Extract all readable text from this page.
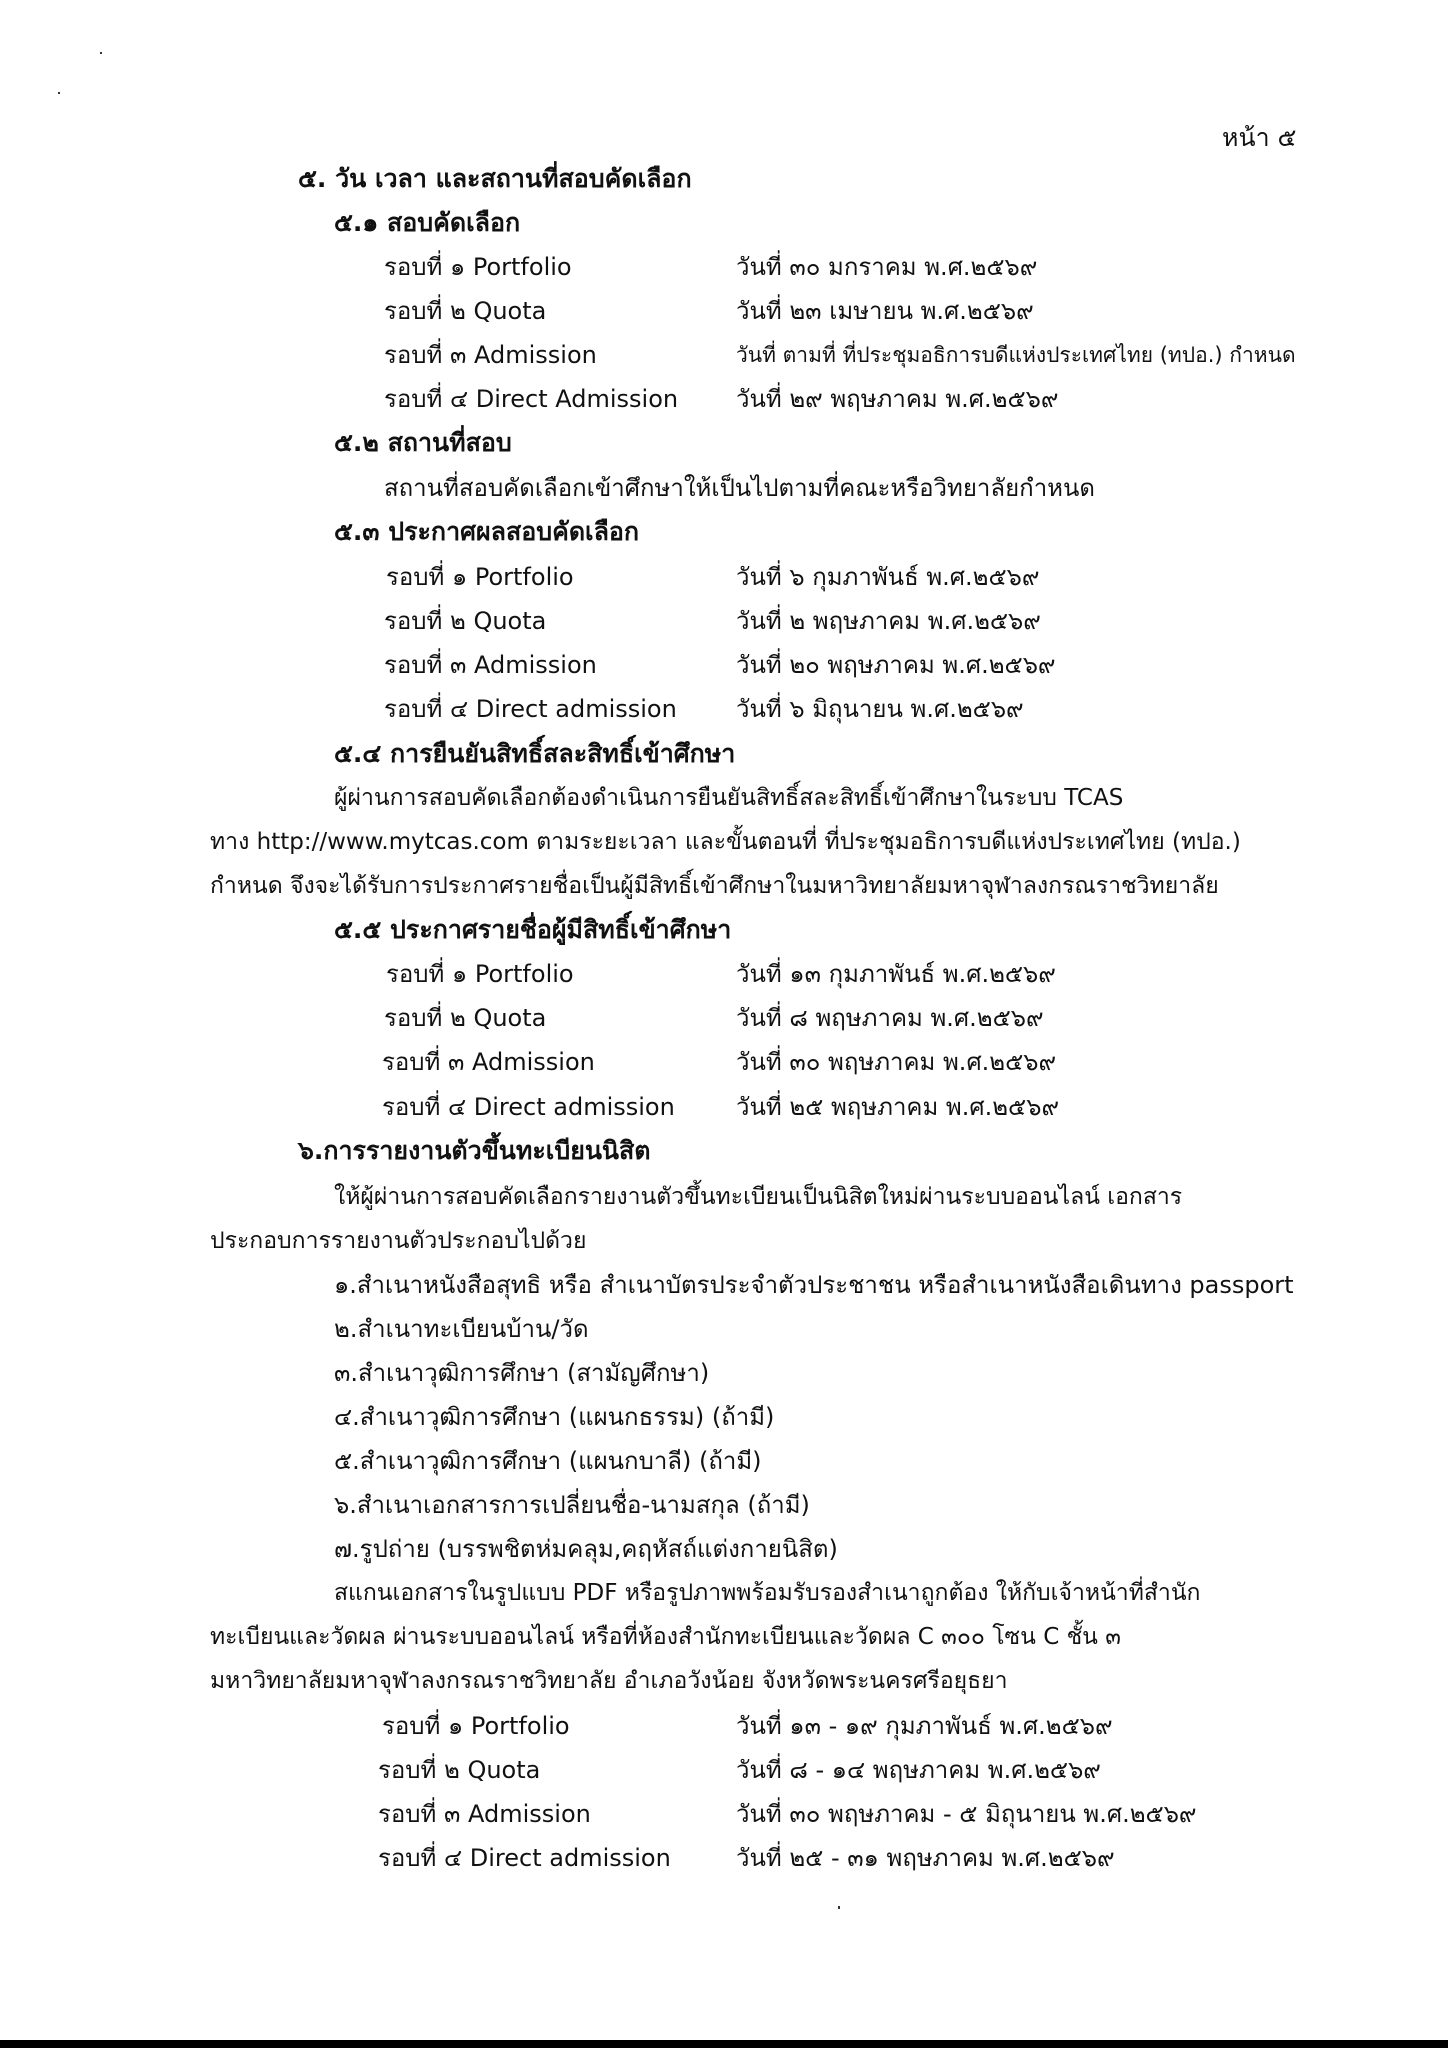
หน้า ๕
๕. วัน เวลา และสถานที่สอบคัดเลือก
๕.๑ สอบคัดเลือก
รอบที่ ๑ Portfolio	วันที่ ๓๐ มกราคม พ.ศ.๒๕๖๙
รอบที่ ๒ Quota	วันที่ ๒๓ เมษายน พ.ศ.๒๕๖๙
รอบที่ ๓ Admission	วันที่ ตามที่ ที่ประชุมอธิการบดีแห่งประเทศไทย (ทปอ.) กำหนด
รอบที่ ๔ Direct Admission วันที่ ๒๙ พฤษภาคม พ.ศ.๒๕๖๙
๕.๒ สถานที่สอบ
สถานที่สอบคัดเลือกเข้าศึกษาให้เป็นไปตามที่คณะหรือวิทยาลัยกำหนด
๕.๓ ประกาศผลสอบคัดเลือก
รอบที่ ๑ Portfolio	วันที่ ๖ กุมภาพันธ์ พ.ศ.๒๕๖๙
รอบที่ ๒ Quota	วันที่ ๒ พฤษภาคม พ.ศ.๒๕๖๙
รอบที่ ๓ Admission	วันที่ ๒๐ พฤษภาคม พ.ศ.๒๕๖๙
รอบที่ ๔ Direct admission วันที่ ๖ มิถุนายน พ.ศ.๒๕๖๙
๕.๔ การยืนยันสิทธิ์สละสิทธิ์เข้าศึกษา
ผู้ผ่านการสอบคัดเลือกต้องดำเนินการยืนยันสิทธิ์สละสิทธิ์เข้าศึกษาในระบบ TCAS
ทาง http://www.mytcas.com ตามระยะเวลา และขั้นตอนที่ ที่ประชุมอธิการบดีแห่งประเทศไทย (ทปอ.)
กำหนด จึงจะได้รับการประกาศรายชื่อเป็นผู้มีสิทธิ์เข้าศึกษาในมหาวิทยาลัยมหาจุฬาลงกรณราชวิทยาลัย
๕.๕ ประกาศรายชื่อผู้มีสิทธิ์เข้าศึกษา
รอบที่ ๑ Portfolio	วันที่ ๑๓ กุมภาพันธ์ พ.ศ.๒๕๖๙
รอบที่ ๒ Quota	วันที่ ๘ พฤษภาคม พ.ศ.๒๕๖๙
รอบที่ ๓ Admission	วันที่ ๓๐ พฤษภาคม พ.ศ.๒๕๖๙
รอบที่ ๔ Direct admission	วันที่ ๒๕ พฤษภาคม พ.ศ.๒๕๖๙
๖.การรายงานตัวขึ้นทะเบียนนิสิต
ให้ผู้ผ่านการสอบคัดเลือกรายงานตัวขึ้นทะเบียนเป็นนิสิตใหม่ผ่านระบบออนไลน์ เอกสาร
ประกอบการรายงานตัวประกอบไปด้วย
๑.สำเนาหนังสือสุทธิ หรือ สำเนาบัตรประจำตัวประชาชน หรือสำเนาหนังสือเดินทาง passport
๒.สำเนาทะเบียนบ้าน/วัด
๓.สำเนาวุฒิการศึกษา (สามัญศึกษา)
๔.สำเนาวุฒิการศึกษา (แผนกธรรม) (ถ้ามี)
๕.สำเนาวุฒิการศึกษา (แผนกบาลี) (ถ้ามี)
๖.สำเนาเอกสารการเปลี่ยนชื่อ-นามสกุล (ถ้ามี)
๗.รูปถ่าย (บรรพชิตห่มคลุม,คฤหัสถ์แต่งกายนิสิต)
สแกนเอกสารในรูปแบบ PDF หรือรูปภาพพร้อมรับรองสำเนาถูกต้อง ให้กับเจ้าหน้าที่สำนัก
ทะเบียนและวัดผล ผ่านระบบออนไลน์ หรือที่ห้องสำนักทะเบียนและวัดผล C ๓๐๐ โซน C ชั้น ๓
มหาวิทยาลัยมหาจุฬาลงกรณราชวิทยาลัย อำเภอวังน้อย จังหวัดพระนครศรีอยุธยา
รอบที่ ๑ Portfolio	วันที่ ๑๓ - ๑๙ กุมภาพันธ์ พ.ศ.๒๕๖๙
รอบที่ ๒ Quota	วันที่ ๘ - ๑๔ พฤษภาคม พ.ศ.๒๕๖๙
รอบที่ ๓ Admission	วันที่ ๓๐ พฤษภาคม - ๕ มิถุนายน พ.ศ.๒๕๖๙
รอบที่ ๔ Direct admission	วันที่ ๒๕ - ๓๑ พฤษภาคม พ.ศ.๒๕๖๙
